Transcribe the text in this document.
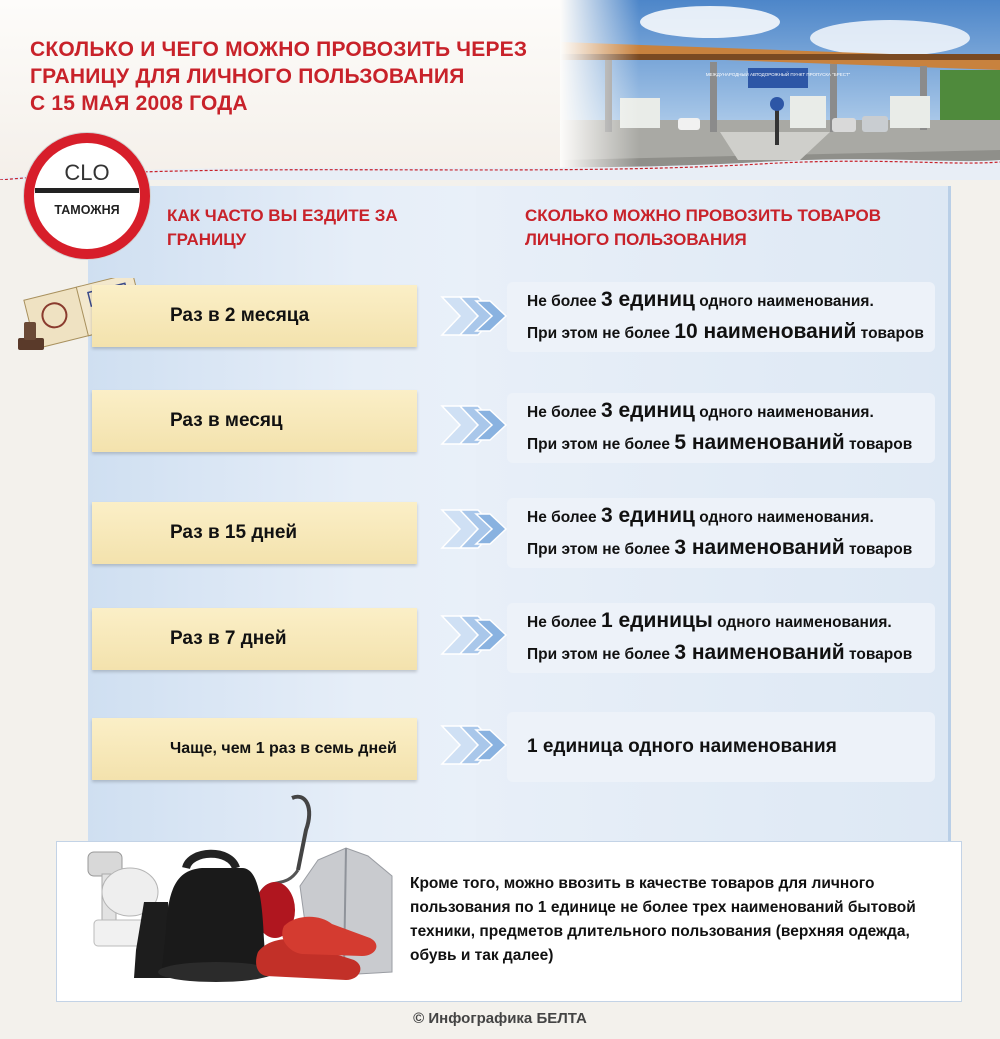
СКОЛЬКО И ЧЕГО МОЖНО ПРОВОЗИТЬ ЧЕРЕЗ
ГРАНИЦУ ДЛЯ ЛИЧНОГО ПОЛЬЗОВАНИЯ
С 15 МАЯ 2008 ГОДА
CLO
ТАМОЖНЯ	КАК ЧАСТО ВЫ ЕЗДИТЕ ЗА ГРАНИЦУ
СКОЛЬКО МОЖНО ПРОВОЗИТЬ ТОВАРОВ ЛИЧНОГО ПОЛЬЗОВАНИЯ
Раз в 2 месяца
Раз в месяц
Раз в 15 дней
Раз в 7 дней
Чаще, чем 1 раз в семь дней
Не более 3 единиц одного наименования.
При этом не более 10 наименований товаров
Не более 3 единиц одного наименования.
При этом не более 5 наименований товаров
Не более 3 единиц одного наименования.
При этом не более 3 наименований товаров
Не более 1 единицы одного наименования.
При этом не более 3 наименований товаров
1 единица одного наименования

Кроме того, можно ввозить в качестве товаров для личного пользования по 1 единице не более трех наименований бытовой техники, предметов длительного пользования (верхняя одежда, обувь и так далее)

© Инфографика БЕЛТА
